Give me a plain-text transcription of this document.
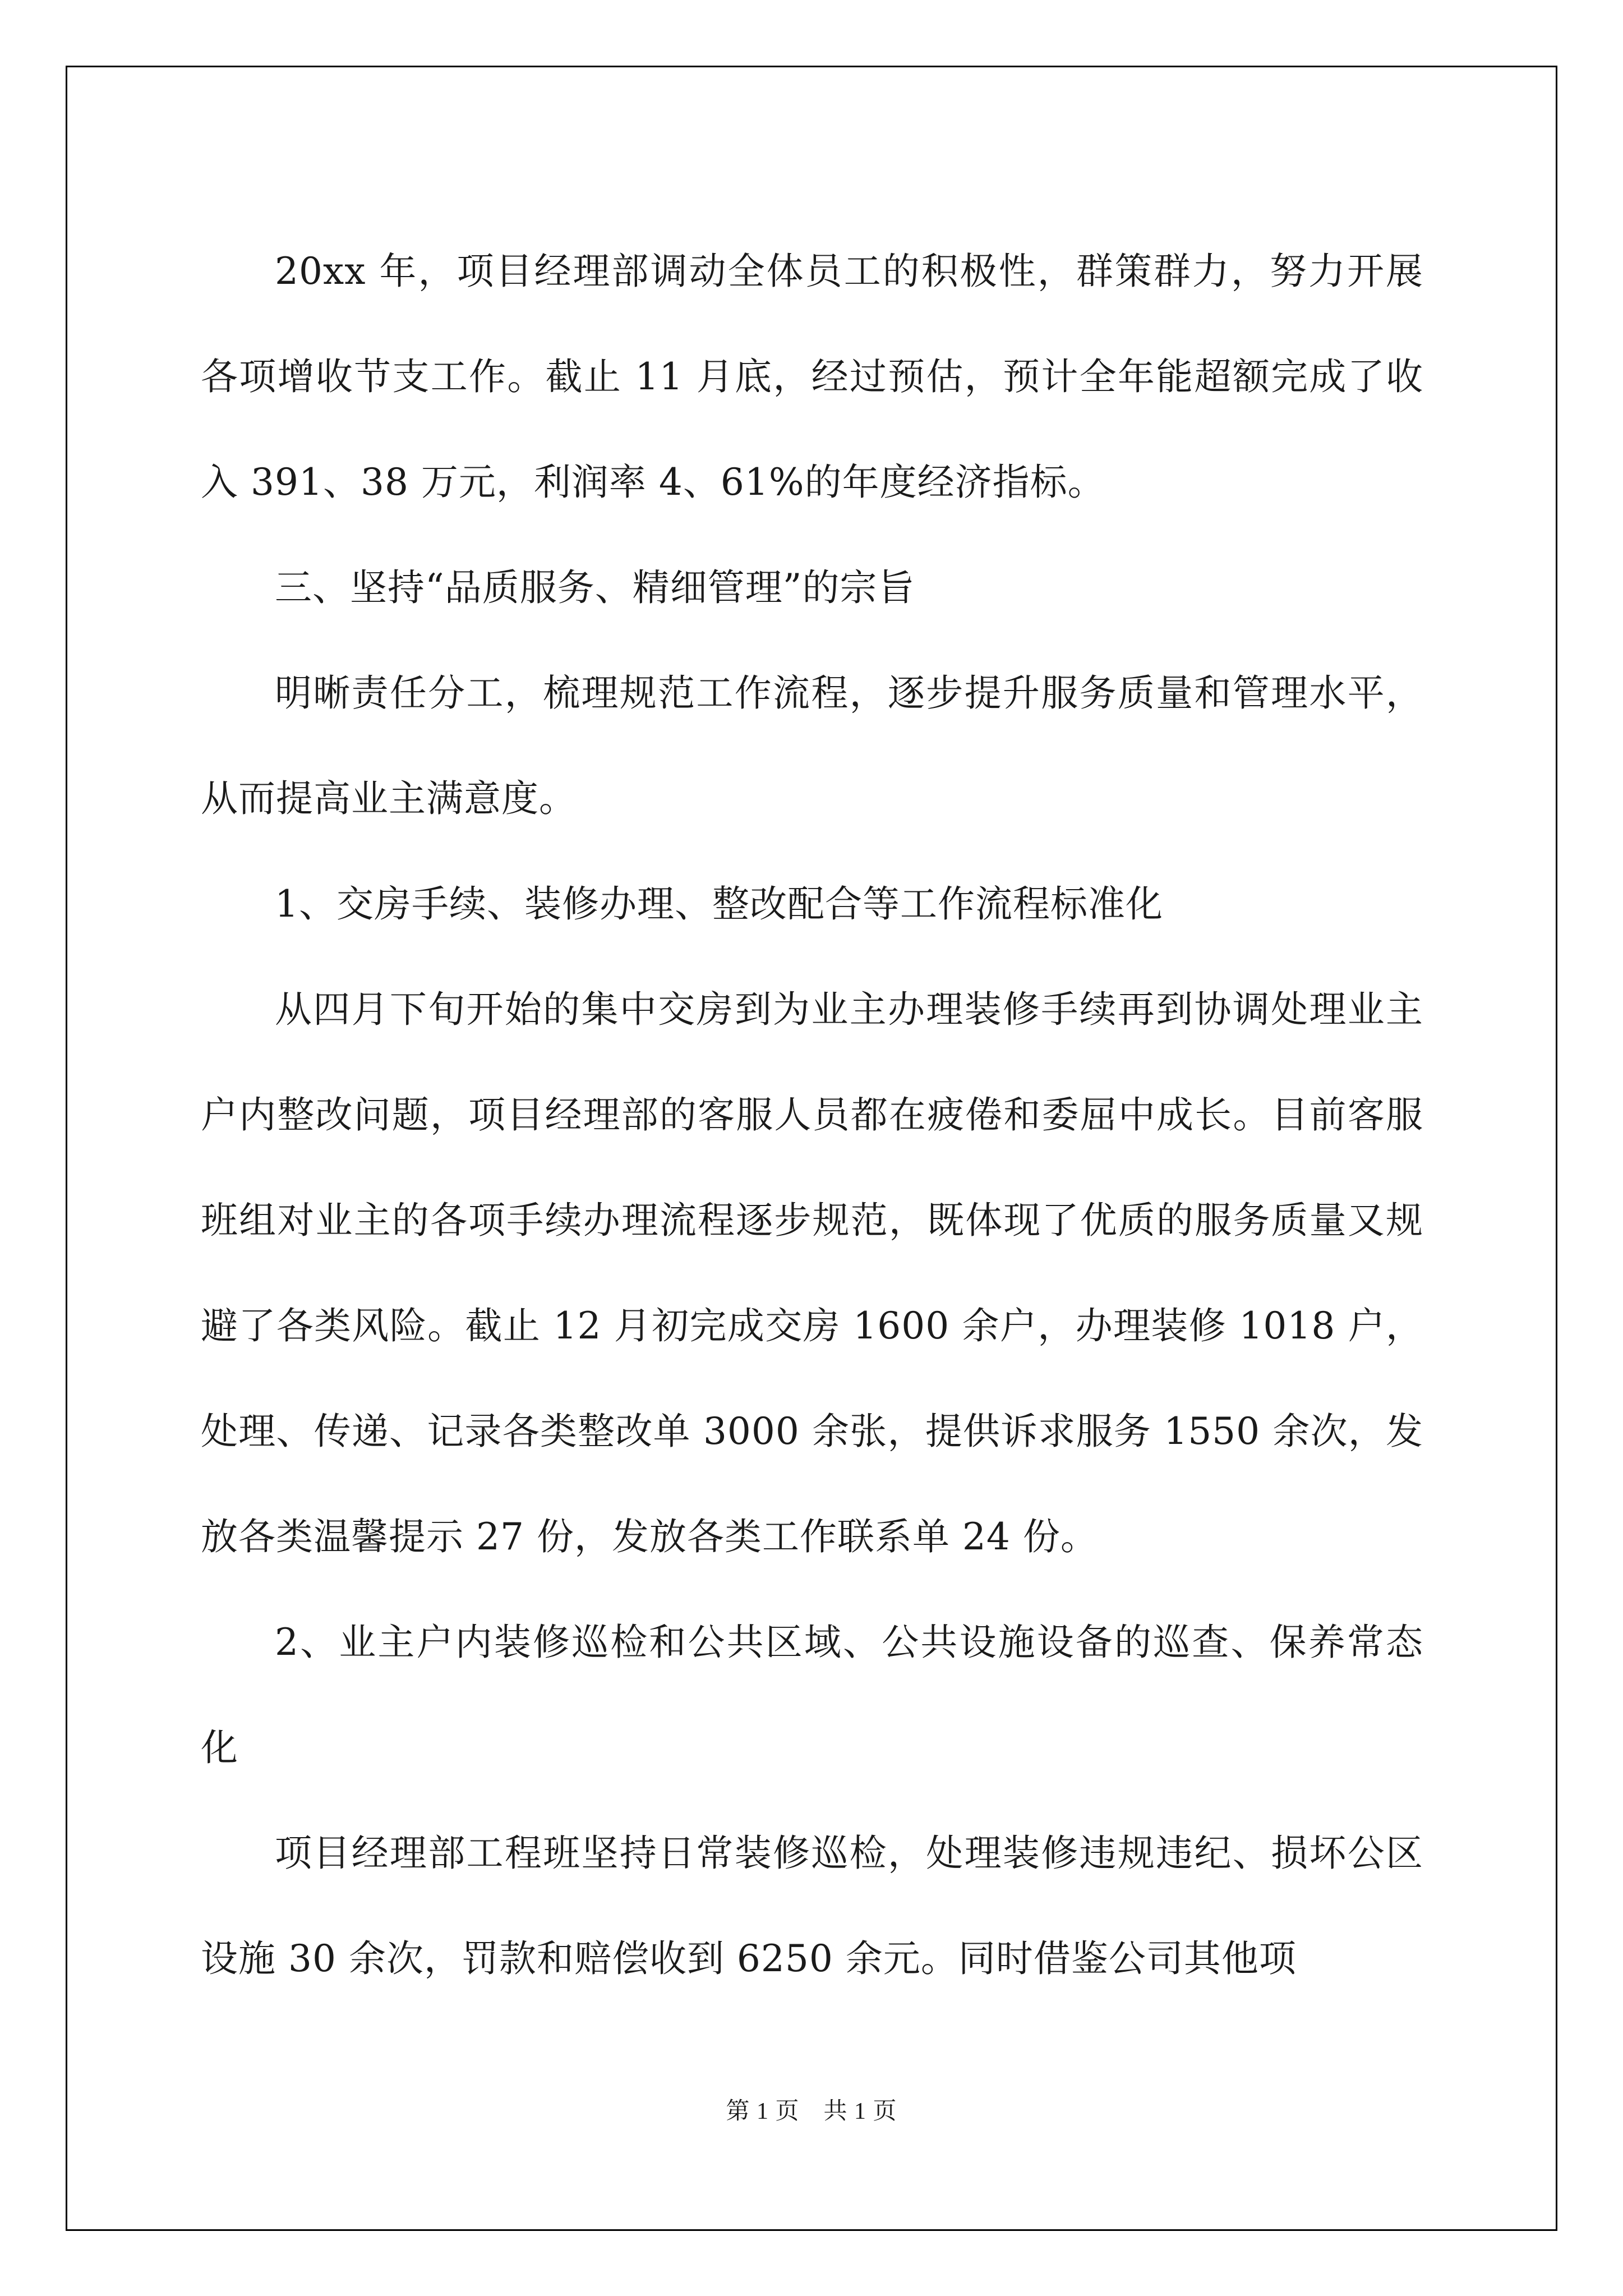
20xx 年，项目经理部调动全体员工的积极性，群策群力，努力开展各项增收节支工作。截止 11 月底，经过预估，预计全年能超额完成了收入 391、38 万元，利润率 4、61%的年度经济指标。

三、坚持“品质服务、精细管理”的宗旨

明晰责任分工，梳理规范工作流程，逐步提升服务质量和管理水平，从而提高业主满意度。

1、交房手续、装修办理、整改配合等工作流程标准化

从四月下旬开始的集中交房到为业主办理装修手续再到协调处理业主户内整改问题，项目经理部的客服人员都在疲倦和委屈中成长。目前客服班组对业主的各项手续办理流程逐步规范，既体现了优质的服务质量又规避了各类风险。截止 12 月初完成交房 1600 余户，办理装修 1018 户，处理、传递、记录各类整改单 3000 余张，提供诉求服务 1550 余次，发放各类温馨提示 27 份，发放各类工作联系单 24 份。

2、业主户内装修巡检和公共区域、公共设施设备的巡查、保养常态化

项目经理部工程班坚持日常装修巡检，处理装修违规违纪、损坏公区设施 30 余次，罚款和赔偿收到 6250 余元。同时借鉴公司其他项

第 1 页　共 1 页
